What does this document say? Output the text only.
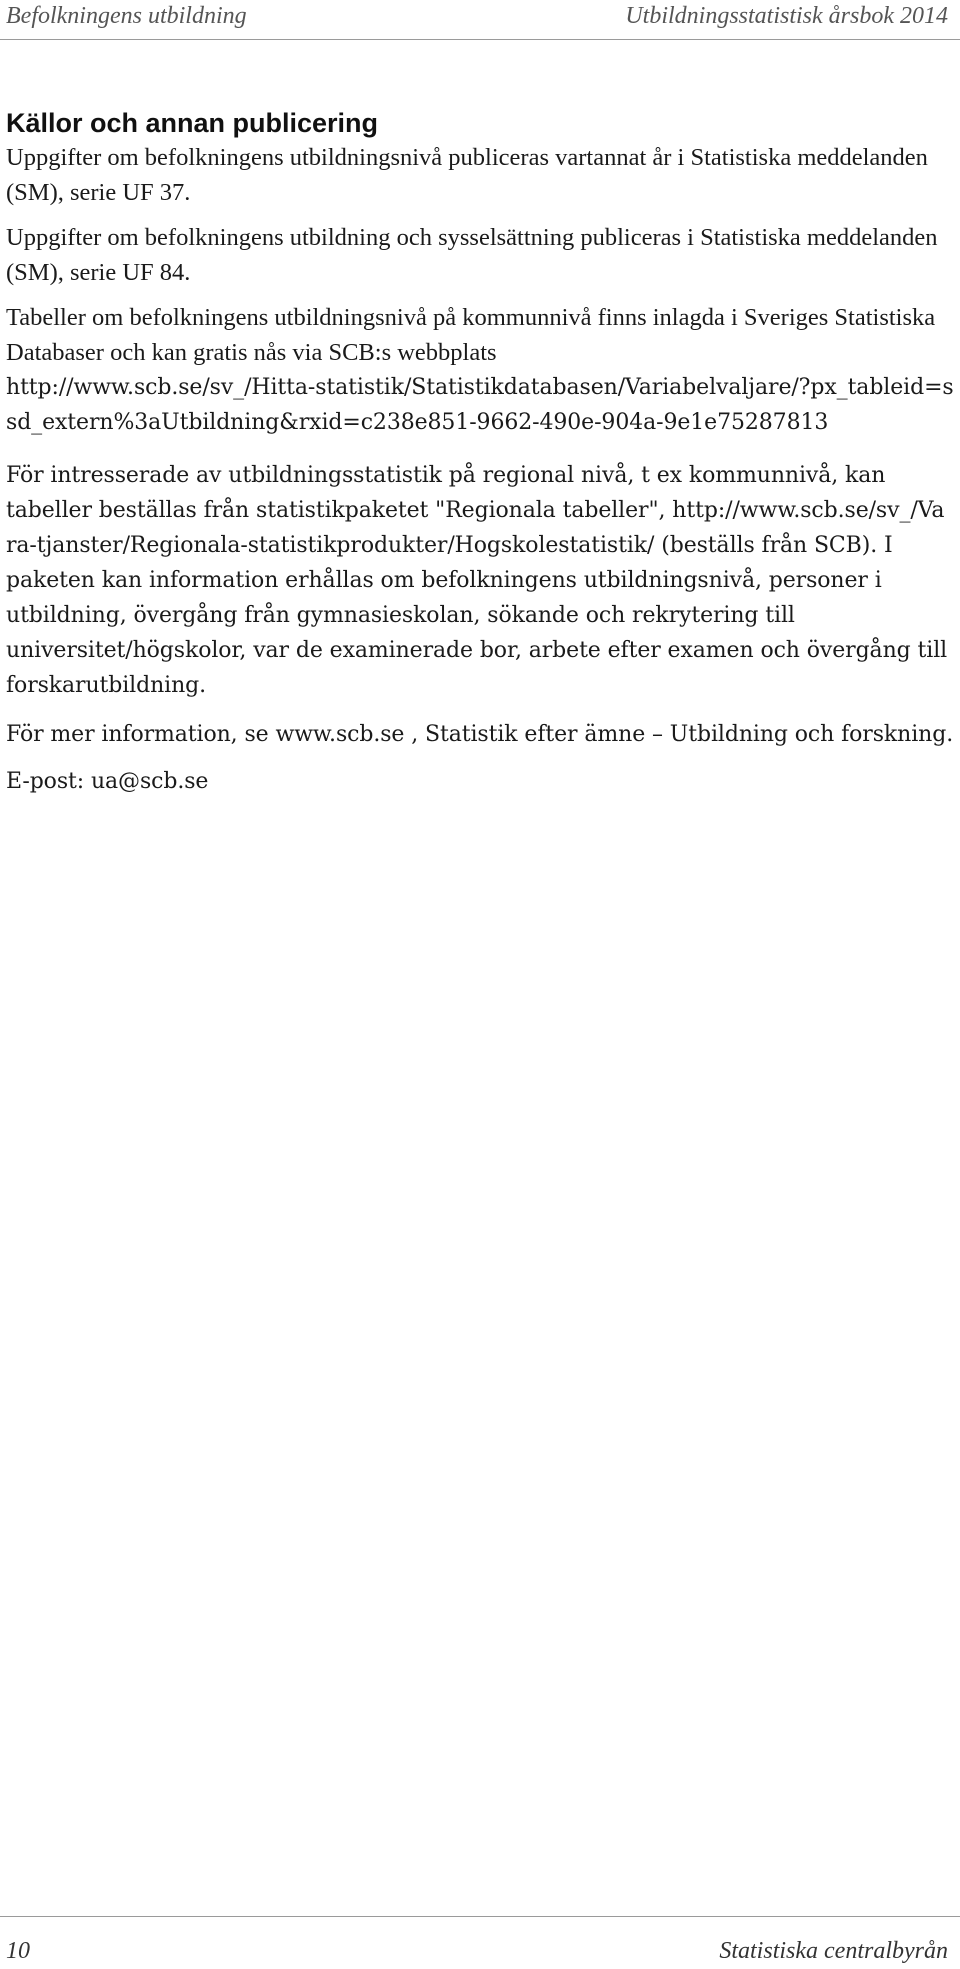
Befolkningens utbildning	Utbildningsstatistisk årsbok 2014
Källor och annan publicering

Uppgifter om befolkningens utbildningsnivå publiceras vartannat år i Statistiska meddelanden (SM), serie UF 37.

Uppgifter om befolkningens utbildning och sysselsättning publiceras i Statistiska meddelanden (SM), serie UF 84.

Tabeller om befolkningens utbildningsnivå på kommunnivå finns inlagda i Sveriges Statistiska Databaser och kan gratis nås via SCB:s webbplats

http://www.scb.se/sv_/Hitta-statistik/Statistikdatabasen/Variabelvaljare/?px_tableid=ssd_extern%3aUtbildning&rxid=c238e851-9662-490e-904a-9e1e75287813

För intresserade av utbildningsstatistik på regional nivå, t ex kommunnivå, kan tabeller beställas från statistikpaketet "Regionala tabeller", http://www.scb.se/sv_/Vara-tjanster/Regionala-statistikprodukter/Hogskolestatistik/ (beställs från SCB). I paketen kan information erhållas om befolkningens utbildningsnivå, personer i utbildning, övergång från gymnasieskolan, sökande och rekrytering till universitet/högskolor, var de examinerade bor, arbete efter examen och övergång till forskarutbildning.

För mer information, se www.scb.se , Statistik efter ämne – Utbildning och forskning.

E-post: ua@scb.se

10	Statistiska centralbyrån
